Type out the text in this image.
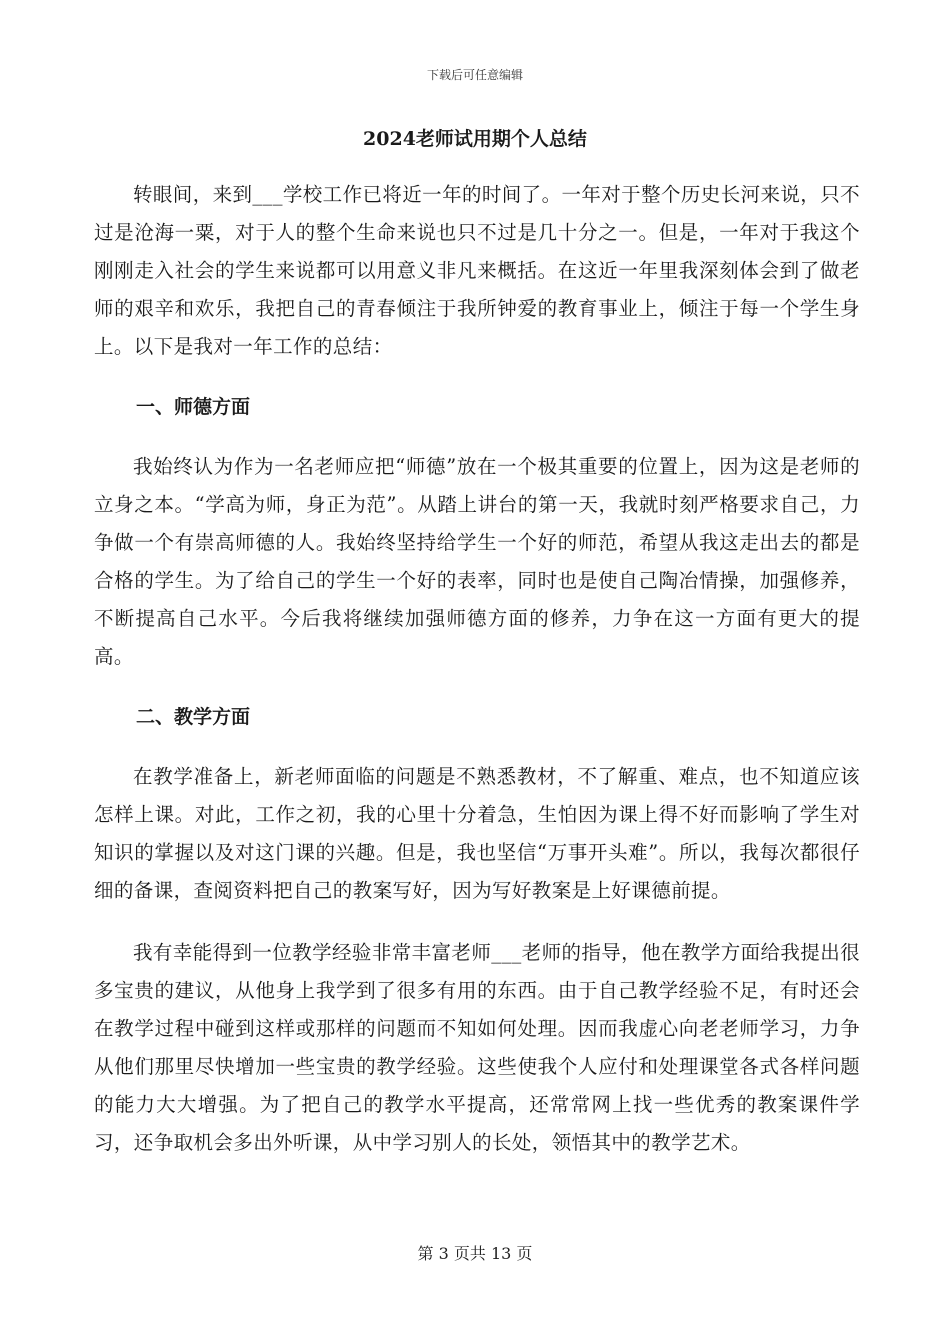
下载后可任意编辑
2024老师试用期个人总结

转眼间，来到___学校工作已将近一年的时间了。一年对于整个历史长河来说，只不过是沧海一粟，对于人的整个生命来说也只不过是几十分之一。但是，一年对于我这个刚刚走入社会的学生来说都可以用意义非凡来概括。在这近一年里我深刻体会到了做老师的艰辛和欢乐，我把自己的青春倾注于我所钟爱的教育事业上，倾注于每一个学生身上。以下是我对一年工作的总结：

一、师德方面

我始终认为作为一名老师应把“师德”放在一个极其重要的位置上，因为这是老师的立身之本。“学高为师，身正为范”。从踏上讲台的第一天，我就时刻严格要求自己，力争做一个有崇高师德的人。我始终坚持给学生一个好的师范，希望从我这走出去的都是合格的学生。为了给自己的学生一个好的表率，同时也是使自己陶冶情操，加强修养，不断提高自己水平。今后我将继续加强师德方面的修养，力争在这一方面有更大的提高。

二、教学方面

在教学准备上，新老师面临的问题是不熟悉教材，不了解重、难点，也不知道应该怎样上课。对此，工作之初，我的心里十分着急，生怕因为课上得不好而影响了学生对知识的掌握以及对这门课的兴趣。但是，我也坚信“万事开头难”。所以，我每次都很仔细的备课，查阅资料把自己的教案写好，因为写好教案是上好课德前提。

我有幸能得到一位教学经验非常丰富老师___老师的指导，他在教学方面给我提出很多宝贵的建议，从他身上我学到了很多有用的东西。由于自己教学经验不足，有时还会在教学过程中碰到这样或那样的问题而不知如何处理。因而我虚心向老老师学习，力争从他们那里尽快增加一些宝贵的教学经验。这些使我个人应付和处理课堂各式各样问题的能力大大增强。为了把自己的教学水平提高，还常常网上找一些优秀的教案课件学习，还争取机会多出外听课，从中学习别人的长处，领悟其中的教学艺术。

第 3 页共 13 页
